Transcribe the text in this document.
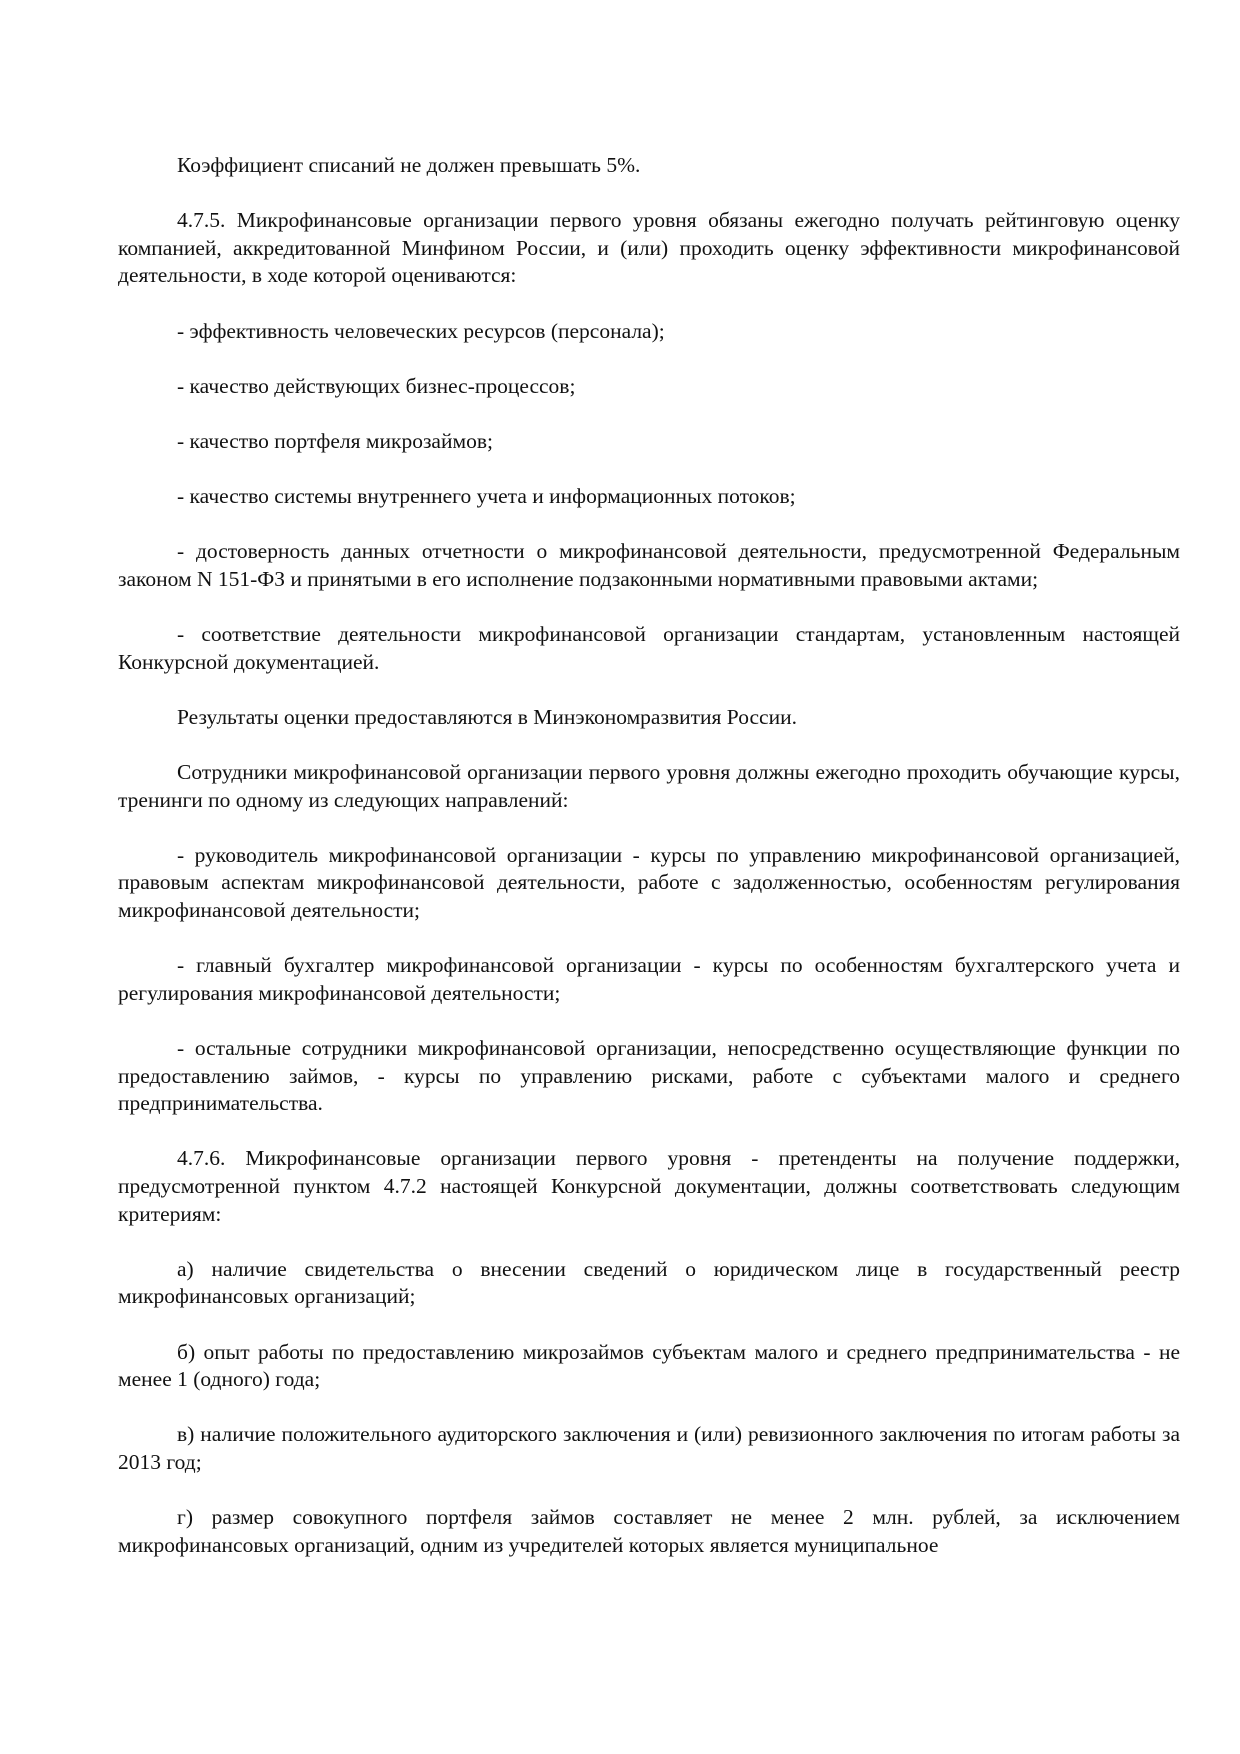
Коэффициент списаний не должен превышать 5%.

4.7.5. Микрофинансовые организации первого уровня обязаны ежегодно получать рейтинговую оценку компанией, аккредитованной Минфином России, и (или) проходить оценку эффективности микрофинансовой деятельности, в ходе которой оцениваются:

- эффективность человеческих ресурсов (персонала);

- качество действующих бизнес-процессов;

- качество портфеля микрозаймов;

- качество системы внутреннего учета и информационных потоков;

- достоверность данных отчетности о микрофинансовой деятельности, предусмотренной Федеральным законом N 151-ФЗ и принятыми в его исполнение подзаконными нормативными правовыми актами;

- соответствие деятельности микрофинансовой организации стандартам, установленным настоящей Конкурсной документацией.

Результаты оценки предоставляются в Минэкономразвития России.

Сотрудники микрофинансовой организации первого уровня должны ежегодно проходить обучающие курсы, тренинги по одному из следующих направлений:

- руководитель микрофинансовой организации - курсы по управлению микрофинансовой организацией, правовым аспектам микрофинансовой деятельности, работе с задолженностью, особенностям регулирования микрофинансовой деятельности;

- главный бухгалтер микрофинансовой организации - курсы по особенностям бухгалтерского учета и регулирования микрофинансовой деятельности;

- остальные сотрудники микрофинансовой организации, непосредственно осуществляющие функции по предоставлению займов, - курсы по управлению рисками, работе с субъектами малого и среднего предпринимательства.

4.7.6. Микрофинансовые организации первого уровня - претенденты на получение поддержки, предусмотренной пунктом 4.7.2 настоящей Конкурсной документации, должны соответствовать следующим критериям:

а) наличие свидетельства о внесении сведений о юридическом лице в государственный реестр микрофинансовых организаций;

б) опыт работы по предоставлению микрозаймов субъектам малого и среднего предпринимательства - не менее 1 (одного) года;

в) наличие положительного аудиторского заключения и (или) ревизионного заключения по итогам работы за 2013 год;

г) размер совокупного портфеля займов составляет не менее 2 млн. рублей, за исключением микрофинансовых организаций, одним из учредителей которых является муниципальное
